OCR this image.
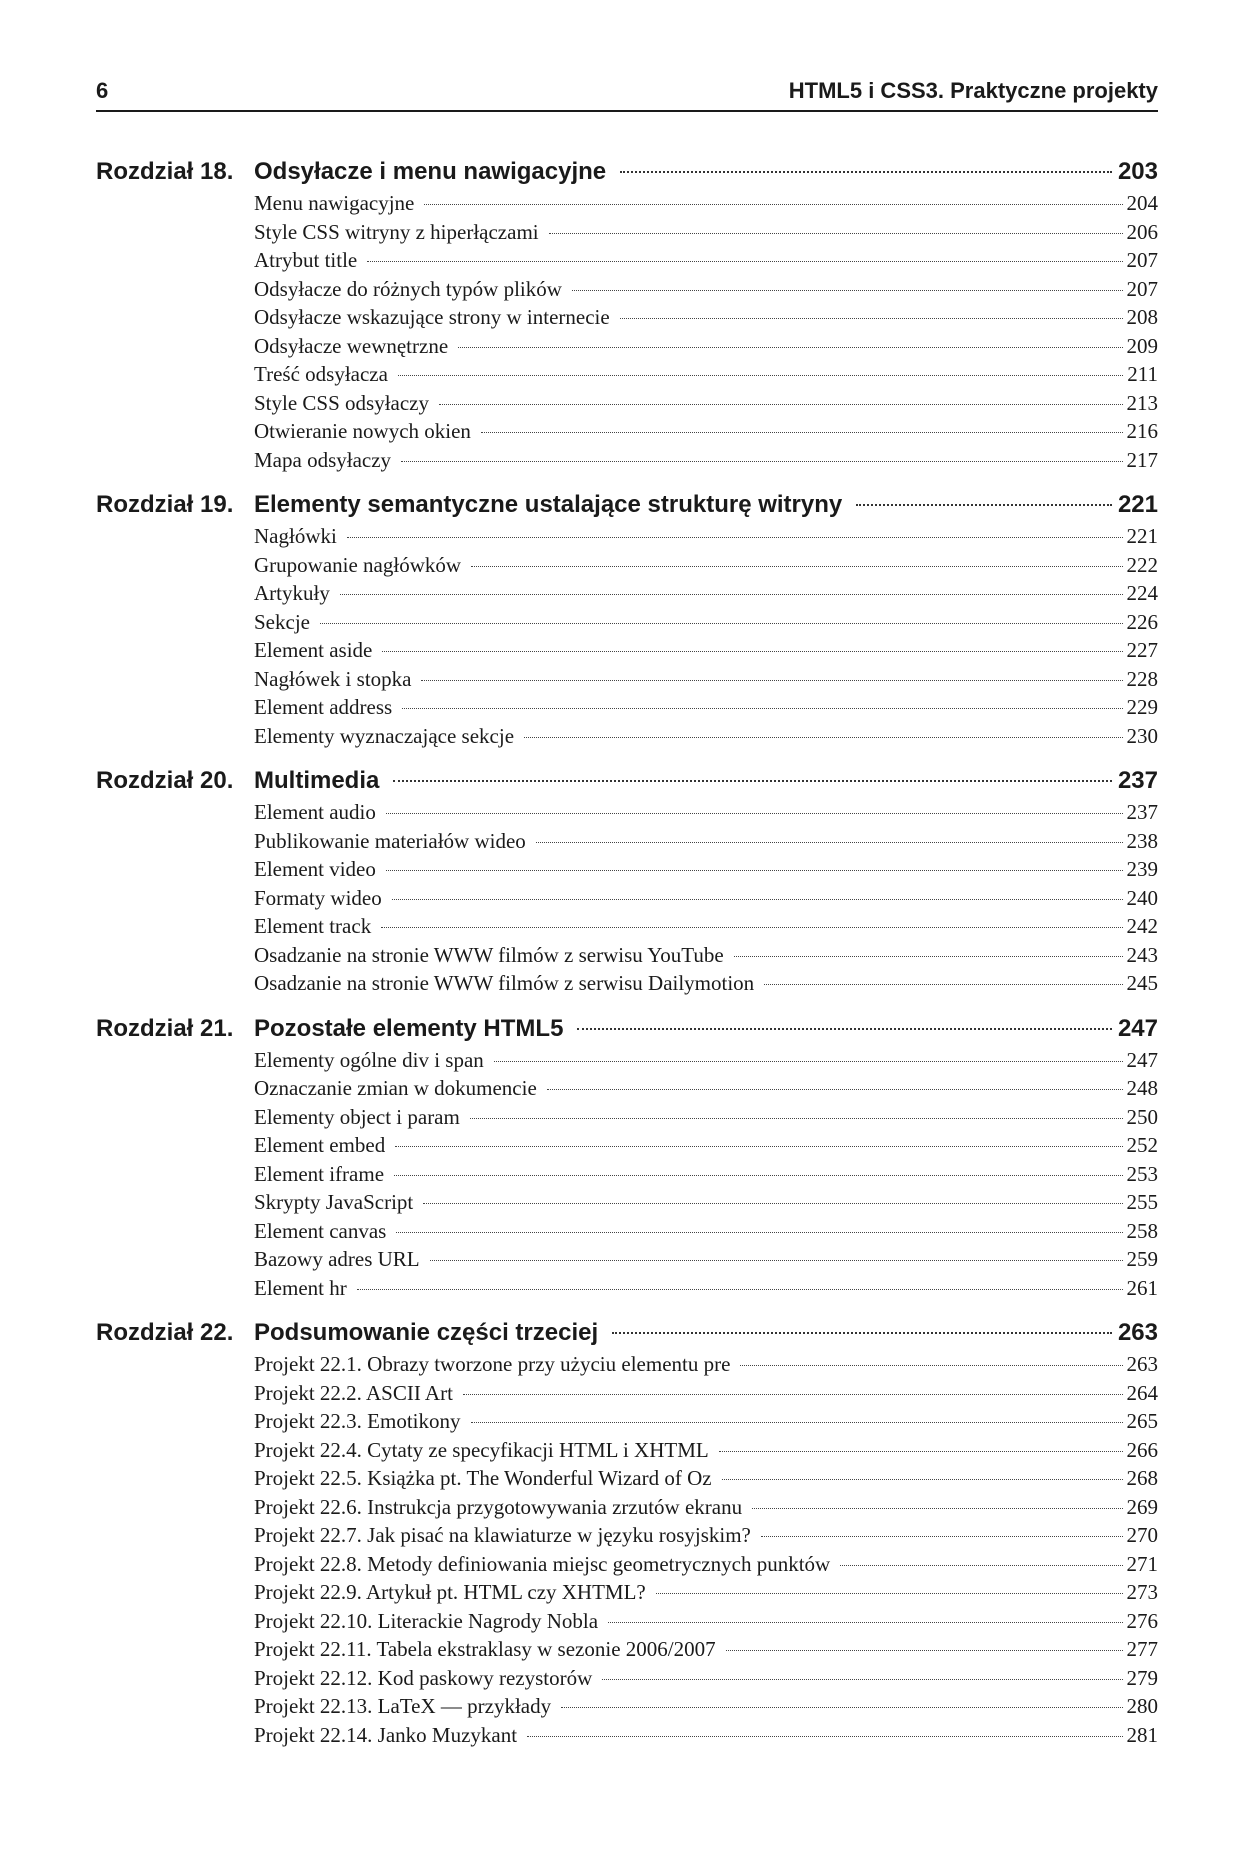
6	HTML5 i CSS3. Praktyczne projekty
Rozdział 18. Odsyłacze i menu nawigacyjne	203
Menu nawigacyjne	204
Style CSS witryny z hiperłączami	206
Atrybut title	207
Odsyłacze do różnych typów plików	207
Odsyłacze wskazujące strony w internecie	208
Odsyłacze wewnętrzne	209
Treść odsyłacza	211
Style CSS odsyłaczy	213
Otwieranie nowych okien	216
Mapa odsyłaczy	217
Rozdział 19. Elementy semantyczne ustalające strukturę witryny	221
Nagłówki	221
Grupowanie nagłówków	222
Artykuły	224
Sekcje	226
Element aside	227
Nagłówek i stopka	228
Element address	229
Elementy wyznaczające sekcje	230
Rozdział 20. Multimedia	237
Element audio	237
Publikowanie materiałów wideo	238
Element video	239
Formaty wideo	240
Element track	242
Osadzanie na stronie WWW filmów z serwisu YouTube	243
Osadzanie na stronie WWW filmów z serwisu Dailymotion	245
Rozdział 21. Pozostałe elementy HTML5	247
Elementy ogólne div i span	247
Oznaczanie zmian w dokumencie	248
Elementy object i param	250
Element embed	252
Element iframe	253
Skrypty JavaScript	255
Element canvas	258
Bazowy adres URL	259
Element hr	261
Rozdział 22. Podsumowanie części trzeciej	263
Projekt 22.1. Obrazy tworzone przy użyciu elementu pre	263
Projekt 22.2. ASCII Art	264
Projekt 22.3. Emotikony	265
Projekt 22.4. Cytaty ze specyfikacji HTML i XHTML	266
Projekt 22.5. Książka pt. The Wonderful Wizard of Oz	268
Projekt 22.6. Instrukcja przygotowywania zrzutów ekranu	269
Projekt 22.7. Jak pisać na klawiaturze w języku rosyjskim?	270
Projekt 22.8. Metody definiowania miejsc geometrycznych punktów	271
Projekt 22.9. Artykuł pt. HTML czy XHTML?	273
Projekt 22.10. Literackie Nagrody Nobla	276
Projekt 22.11. Tabela ekstraklasy w sezonie 2006/2007	277
Projekt 22.12. Kod paskowy rezystorów	279
Projekt 22.13. LaTeX — przykłady	280
Projekt 22.14. Janko Muzykant	281
